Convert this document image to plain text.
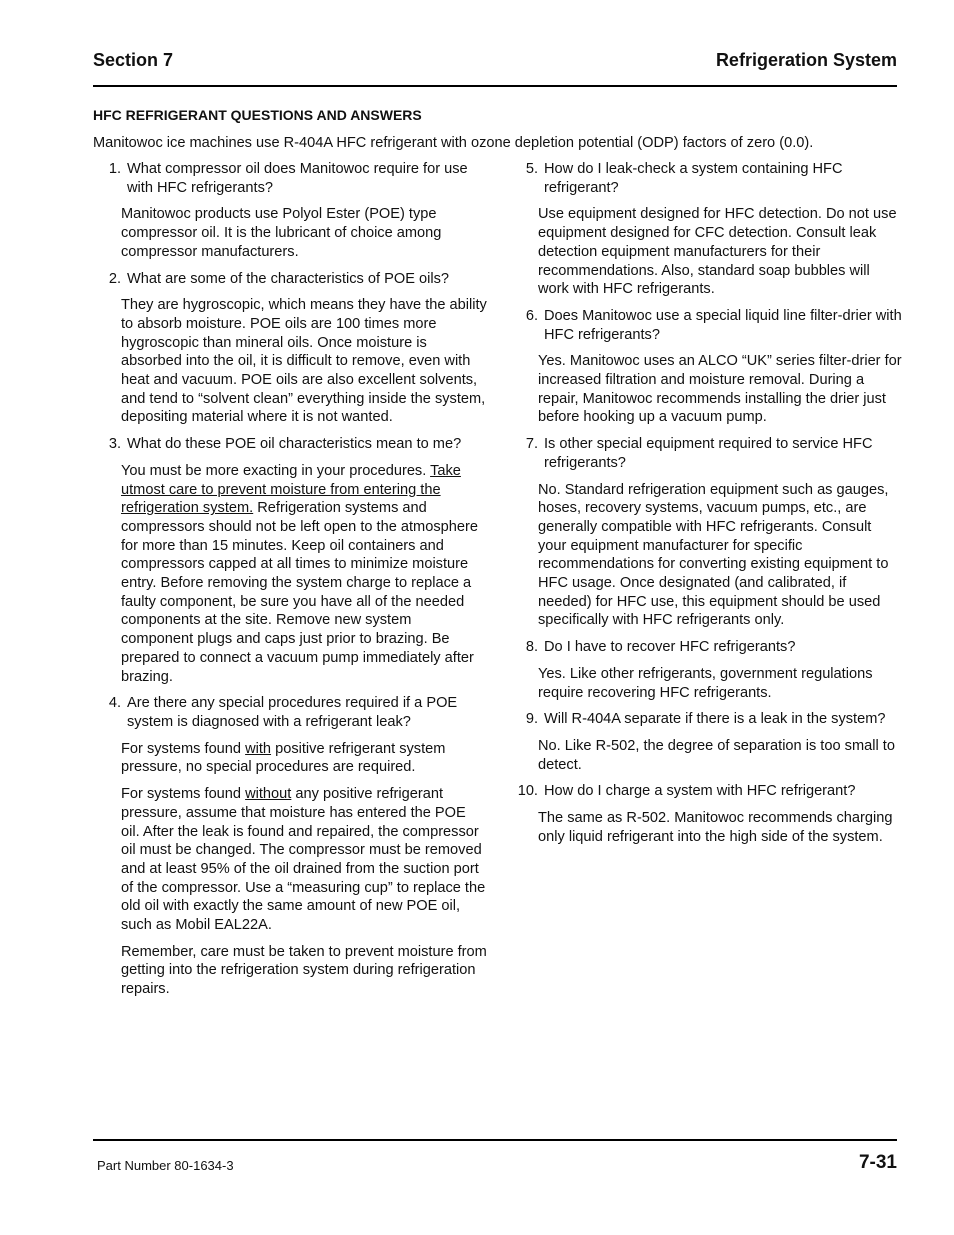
Section 7	Refrigeration System
HFC REFRIGERANT QUESTIONS AND ANSWERS
Manitowoc ice machines use R-404A HFC refrigerant with ozone depletion potential (ODP) factors of zero (0.0).
1. What compressor oil does Manitowoc require for use with HFC refrigerants?
Manitowoc products use Polyol Ester (POE) type compressor oil. It is the lubricant of choice among compressor manufacturers.
2. What are some of the characteristics of POE oils?
They are hygroscopic, which means they have the ability to absorb moisture. POE oils are 100 times more hygroscopic than mineral oils. Once moisture is absorbed into the oil, it is difficult to remove, even with heat and vacuum. POE oils are also excellent solvents, and tend to “solvent clean” everything inside the system, depositing material where it is not wanted.
3. What do these POE oil characteristics mean to me?
You must be more exacting in your procedures. Take utmost care to prevent moisture from entering the refrigeration system. Refrigeration systems and compressors should not be left open to the atmosphere for more than 15 minutes. Keep oil containers and compressors capped at all times to minimize moisture entry. Before removing the system charge to replace a faulty component, be sure you have all of the needed components at the site. Remove new system component plugs and caps just prior to brazing. Be prepared to connect a vacuum pump immediately after brazing.
4. Are there any special procedures required if a POE system is diagnosed with a refrigerant leak?
For systems found with positive refrigerant system pressure, no special procedures are required.
For systems found without any positive refrigerant pressure, assume that moisture has entered the POE oil. After the leak is found and repaired, the compressor oil must be changed. The compressor must be removed and at least 95% of the oil drained from the suction port of the compressor. Use a “measuring cup” to replace the old oil with exactly the same amount of new POE oil, such as Mobil EAL22A.
Remember, care must be taken to prevent moisture from getting into the refrigeration system during refrigeration repairs.
5. How do I leak-check a system containing HFC refrigerant?
Use equipment designed for HFC detection. Do not use equipment designed for CFC detection. Consult leak detection equipment manufacturers for their recommendations. Also, standard soap bubbles will work with HFC refrigerants.
6. Does Manitowoc use a special liquid line filter-drier with HFC refrigerants?
Yes. Manitowoc uses an ALCO “UK” series filter-drier for increased filtration and moisture removal. During a repair, Manitowoc recommends installing the drier just before hooking up a vacuum pump.
7. Is other special equipment required to service HFC refrigerants?
No. Standard refrigeration equipment such as gauges, hoses, recovery systems, vacuum pumps, etc., are generally compatible with HFC refrigerants. Consult your equipment manufacturer for specific recommendations for converting existing equipment to HFC usage. Once designated (and calibrated, if needed) for HFC use, this equipment should be used specifically with HFC refrigerants only.
8. Do I have to recover HFC refrigerants?
Yes. Like other refrigerants, government regulations require recovering HFC refrigerants.
9. Will R-404A separate if there is a leak in the system?
No. Like R-502, the degree of separation is too small to detect.
10. How do I charge a system with HFC refrigerant?
The same as R-502. Manitowoc recommends charging only liquid refrigerant into the high side of the system.
Part Number 80-1634-3	7-31
